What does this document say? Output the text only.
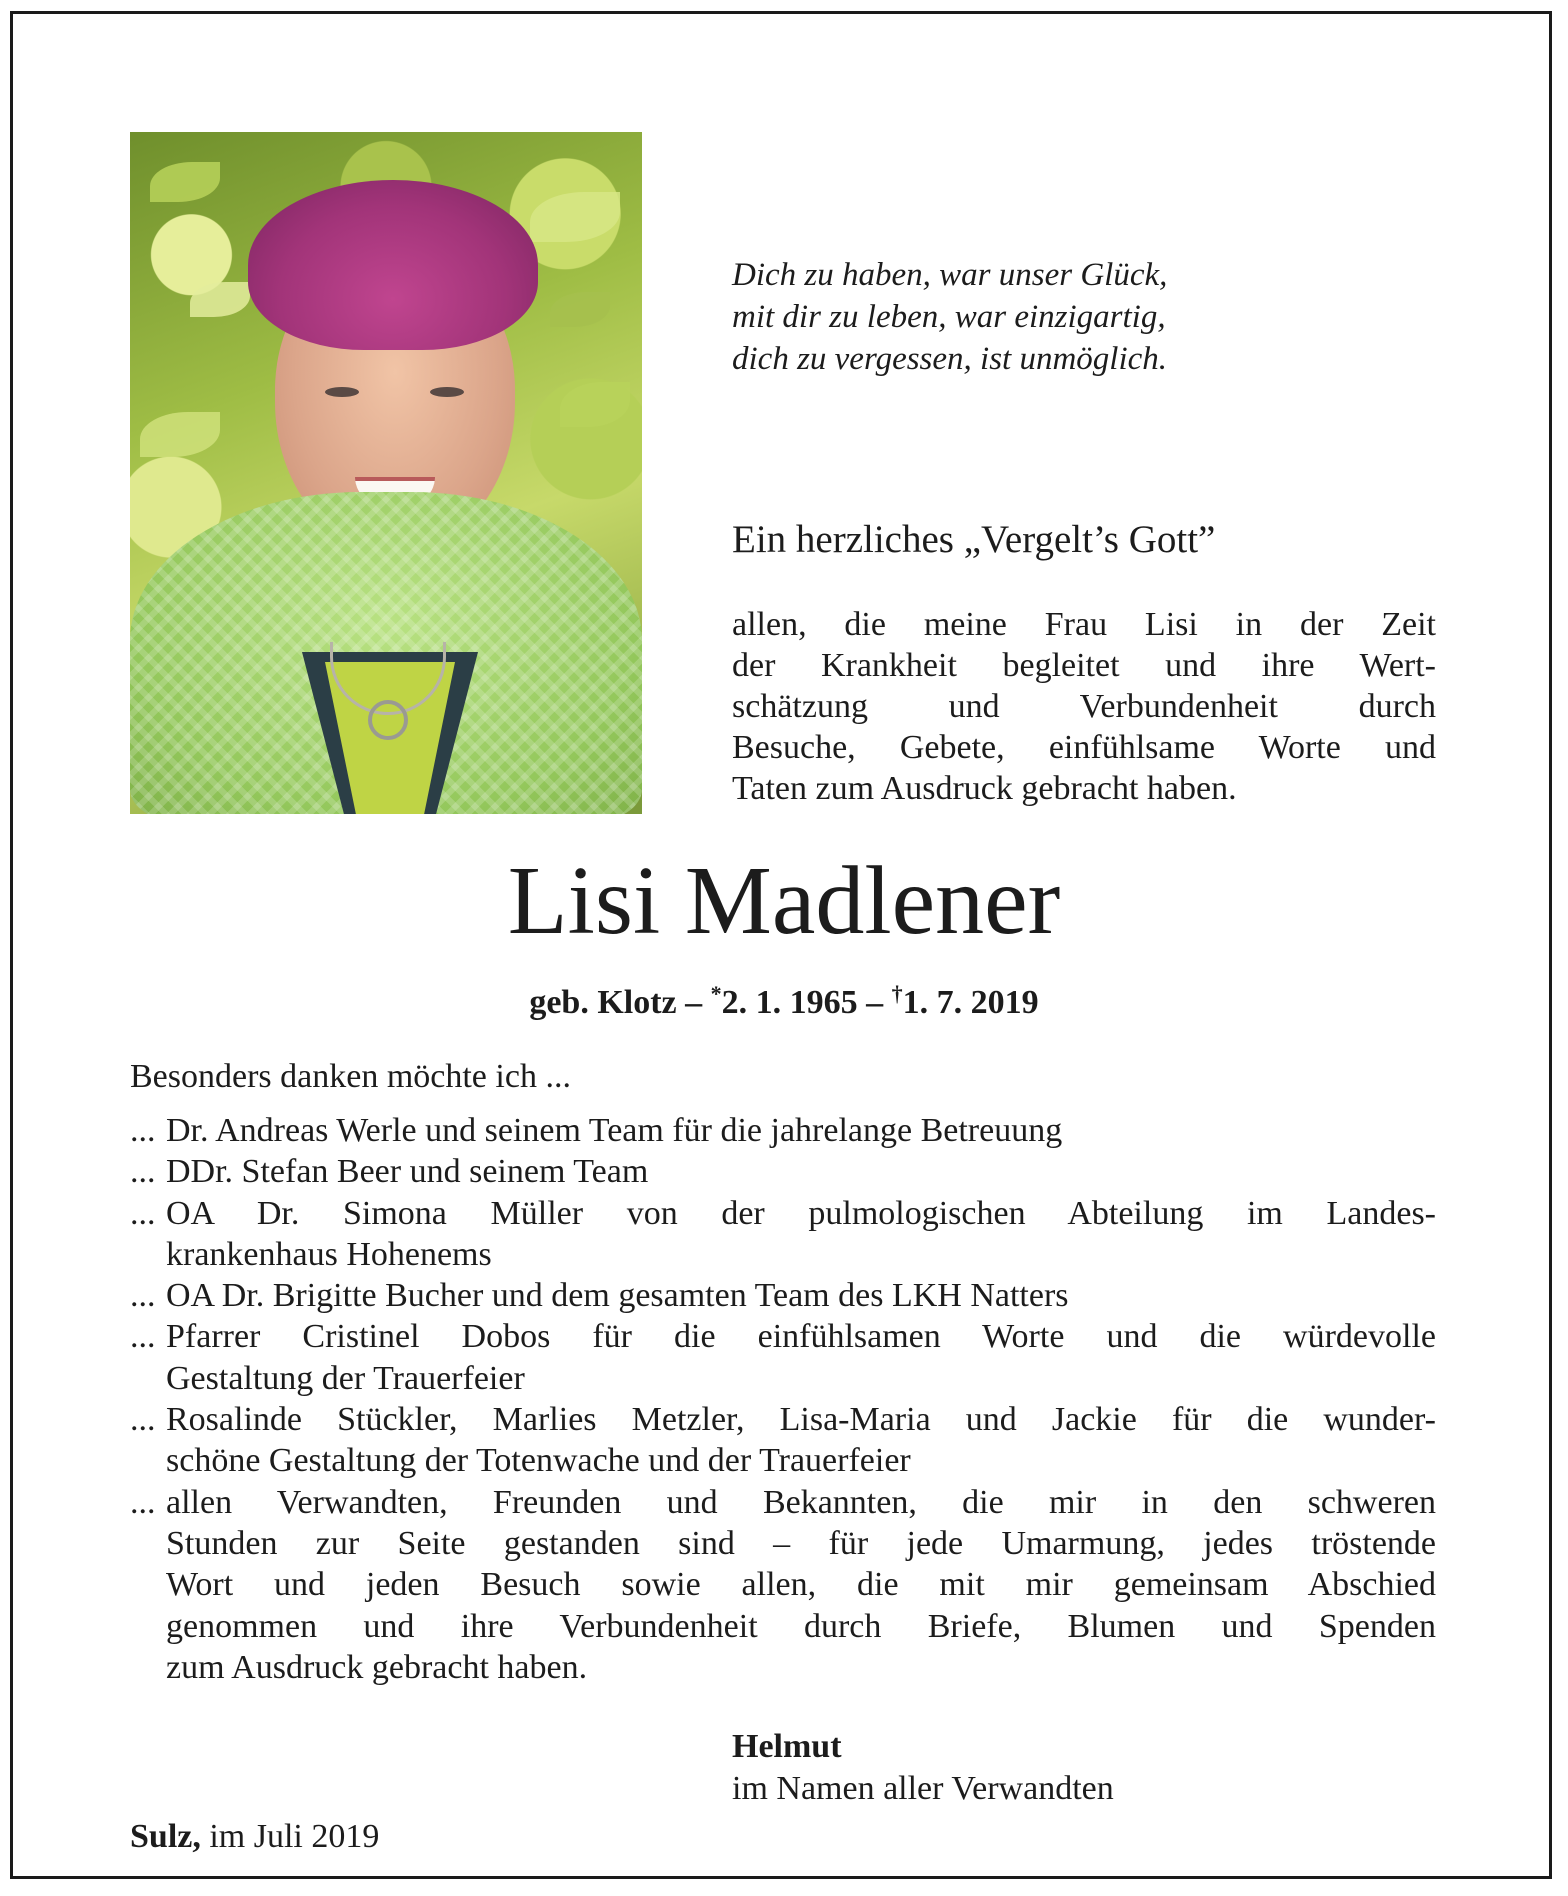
Dich zu haben, war unser Glück,
mit dir zu leben, war einzigartig,
dich zu vergessen, ist unmöglich.
Ein herzliches „Vergelt’s Gott”
allen, die meine Frau Lisi in der Zeit
der Krankheit begleitet und ihre Wert-
schätzung und Verbundenheit durch
Besuche, Gebete, einfühlsame Worte und
Taten zum Ausdruck gebracht haben.
Lisi Madlener
geb. Klotz – *2. 1. 1965 – †1. 7. 2019
Besonders danken möchte ich ...
... Dr. Andreas Werle und seinem Team für die jahrelange Betreuung
... DDr. Stefan Beer und seinem Team
... OA Dr. Simona Müller von der pulmologischen Abteilung im Landes-
krankenhaus Hohenems
... OA Dr. Brigitte Bucher und dem gesamten Team des LKH Natters
... Pfarrer Cristinel Dobos für die einfühlsamen Worte und die würdevolle
Gestaltung der Trauerfeier
... Rosalinde Stückler, Marlies Metzler, Lisa-Maria und Jackie für die wunder-
schöne Gestaltung der Totenwache und der Trauerfeier
... allen Verwandten, Freunden und Bekannten, die mir in den schweren
Stunden zur Seite gestanden sind – für jede Umarmung, jedes tröstende
Wort und jeden Besuch sowie allen, die mit mir gemeinsam Abschied
genommen und ihre Verbundenheit durch Briefe, Blumen und Spenden
zum Ausdruck gebracht haben.
Helmut
im Namen aller Verwandten
Sulz, im Juli 2019
